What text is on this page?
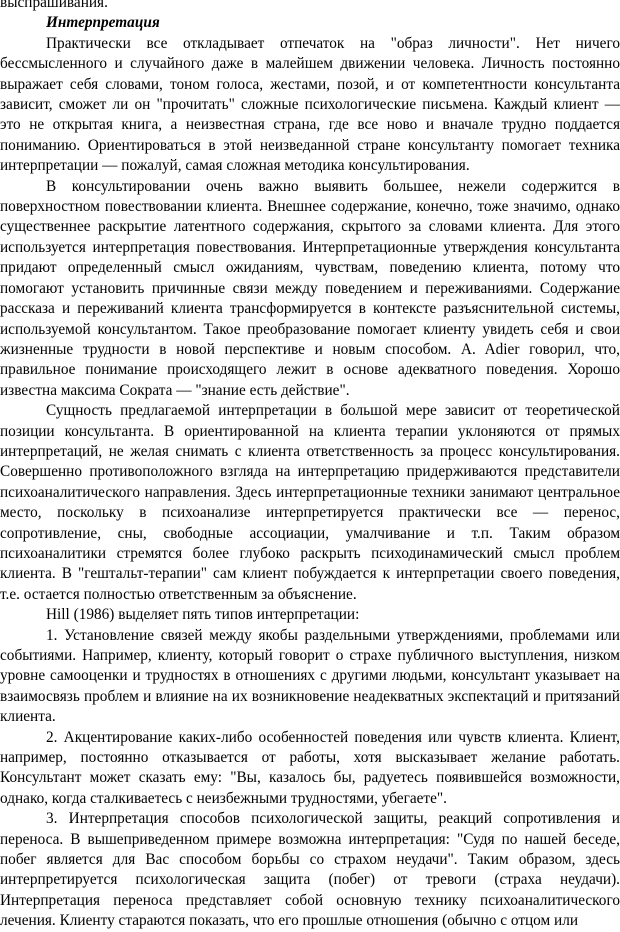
выспрашивания.

Интерпретация

Практически все откладывает отпечаток на "образ личности". Нет ничего бессмысленного и случайного даже в малейшем движении человека. Личность постоянно выражает себя словами, тоном голоса, жестами, позой, и от компетентности консультанта зависит, сможет ли он "прочитать" сложные психологические письмена. Каждый клиент — это не открытая книга, а неизвестная страна, где все ново и вначале трудно поддается пониманию. Ориентироваться в этой неизведанной стране консультанту помогает техника интерпретации — пожалуй, самая сложная методика консультирования.

В консультировании очень важно выявить большее, нежели содержится в поверхностном повествовании клиента. Внешнее содержание, конечно, тоже значимо, однако существеннее раскрытие латентного содержания, скрытого за словами клиента. Для этого используется интерпретация повествования. Интерпретационные утверждения консультанта придают определенный смысл ожиданиям, чувствам, поведению клиента, потому что помогают установить причинные связи между поведением и переживаниями. Содержание рассказа и переживаний клиента трансформируется в контексте разъяснительной системы, используемой консультантом. Такое преобразование помогает клиенту увидеть себя и свои жизненные трудности в новой перспективе и новым способом. A. Adier говорил, что, правильное понимание происходящего лежит в основе адекватного поведения. Хорошо известна максима Сократа — "знание есть действие".

Сущность предлагаемой интерпретации в большой мере зависит от теоретической позиции консультанта. В ориентированной на клиента терапии уклоняются от прямых интерпретаций, не желая снимать с клиента ответственность за процесс консультирования. Совершенно противоположного взгляда на интерпретацию придерживаются представители психоаналитического направления. Здесь интерпретационные техники занимают центральное место, поскольку в психоанализе интерпретируется практически все — перенос, сопротивление, сны, свободные ассоциации, умалчивание и т.п. Таким образом психоаналитики стремятся более глубоко раскрыть психодинамический смысл проблем клиента. В "гештальт-терапии" сам клиент побуждается к интерпретации своего поведения, т.е. остается полностью ответственным за объяснение.

Hill (1986) выделяет пять типов интерпретации:

1. Установление связей между якобы раздельными утверждениями, проблемами или событиями. Например, клиенту, который говорит о страхе публичного выступления, низком уровне самооценки и трудностях в отношениях с другими людьми, консультант указывает на взаимосвязь проблем и влияние на их возникновение неадекватных экспектаций и притязаний клиента.

2. Акцентирование каких-либо особенностей поведения или чувств клиента. Клиент, например, постоянно отказывается от работы, хотя высказывает желание работать. Консультант может сказать ему: "Вы, казалось бы, радуетесь появившейся возможности, однако, когда сталкиваетесь с неизбежными трудностями, убегаете".

3. Интерпретация способов психологической защиты, реакций сопротивления и переноса. В вышеприведенном примере возможна интерпретация: "Судя по нашей беседе, побег является для Вас способом борьбы со страхом неудачи". Таким образом, здесь интерпретируется психологическая защита (побег) от тревоги (страха неудачи). Интерпретация переноса представляет собой основную технику психоаналитического лечения. Клиенту стараются показать, что его прошлые отношения (обычно с отцом или
